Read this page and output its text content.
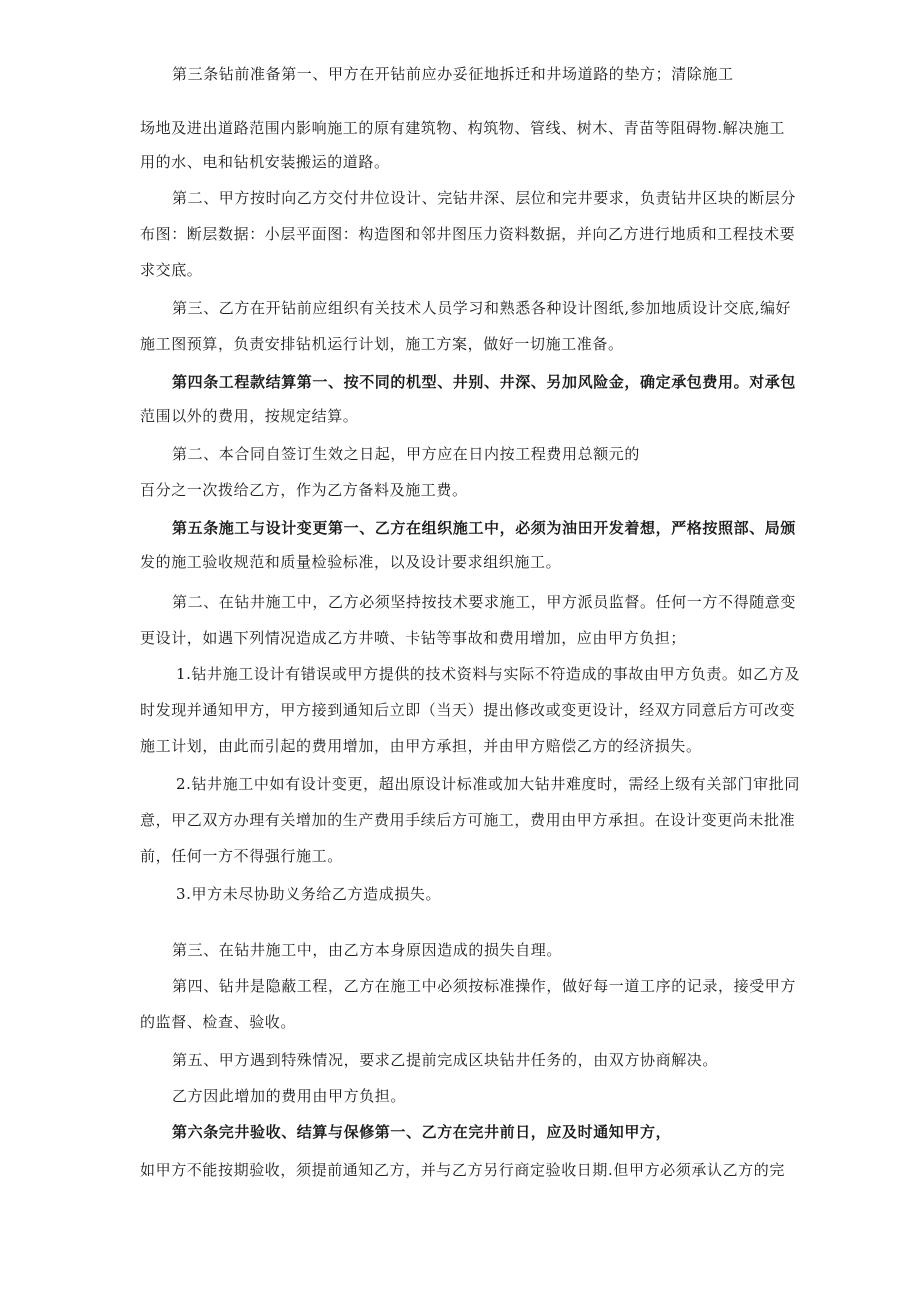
第三条钻前准备第一、甲方在开钻前应办妥征地拆迁和井场道路的垫方；清除施工
场地及进出道路范围内影响施工的原有建筑物、构筑物、管线、树木、青苗等阻碍物.解决施工
用的水、电和钻机安装搬运的道路。
第二、甲方按时向乙方交付井位设计、完钻井深、层位和完井要求，负责钻井区块的断层分
布图：断层数据：小层平面图：构造图和邻井图压力资料数据，并向乙方进行地质和工程技术要
求交底。
第三、乙方在开钻前应组织有关技术人员学习和熟悉各种设计图纸,参加地质设计交底,编好
施工图预算，负责安排钻机运行计划，施工方案，做好一切施工准备。
第四条工程款结算第一、按不同的机型、井别、井深、另加风险金，确定承包费用。对承包
范围以外的费用，按规定结算。
第二、本合同自签订生效之日起，甲方应在日内按工程费用总额元的
百分之一次拨给乙方，作为乙方备料及施工费。
第五条施工与设计变更第一、乙方在组织施工中，必须为油田开发着想，严格按照部、局颁
发的施工验收规范和质量检验标准，以及设计要求组织施工。
第二、在钻井施工中，乙方必须坚持按技术要求施工，甲方派员监督。任何一方不得随意变
更设计，如遇下列情况造成乙方井喷、卡钻等事故和费用增加，应由甲方负担；
1.钻井施工设计有错误或甲方提供的技术资料与实际不符造成的事故由甲方负责。如乙方及
时发现并通知甲方，甲方接到通知后立即（当天）提出修改或变更设计，经双方同意后方可改变
施工计划，由此而引起的费用增加，由甲方承担，并由甲方赔偿乙方的经济损失。
2.钻井施工中如有设计变更，超出原设计标准或加大钻井难度时，需经上级有关部门审批同
意，甲乙双方办理有关增加的生产费用手续后方可施工，费用由甲方承担。在设计变更尚未批准
前，任何一方不得强行施工。
3.甲方未尽协助义务给乙方造成损失。
第三、在钻井施工中，由乙方本身原因造成的损失自理。
第四、钻井是隐蔽工程，乙方在施工中必须按标准操作，做好每一道工序的记录，接受甲方
的监督、检查、验收。
第五、甲方遇到特殊情况，要求乙提前完成区块钻井任务的，由双方协商解决。
乙方因此增加的费用由甲方负担。
第六条完井验收、结算与保修第一、乙方在完井前日，应及时通知甲方，
如甲方不能按期验收，须提前通知乙方，并与乙方另行商定验收日期.但甲方必须承认乙方的完
